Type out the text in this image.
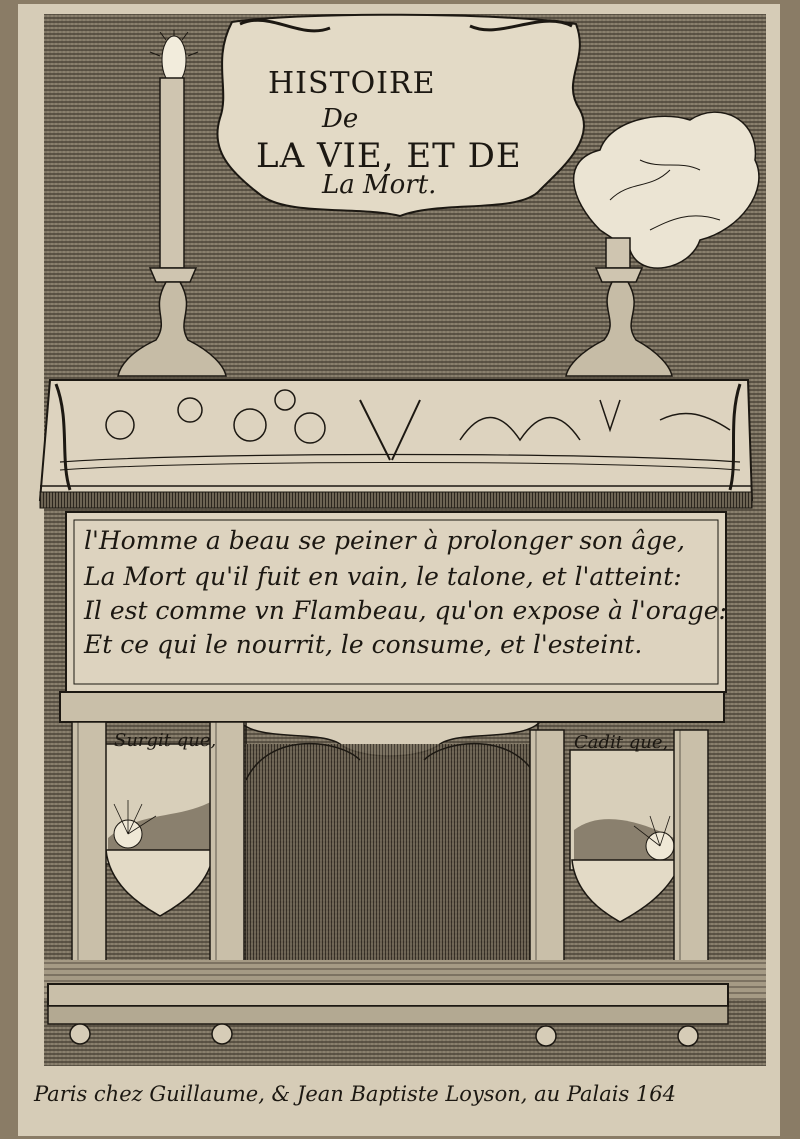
HISTOIRE
De
LA VIE, ET DE
La Mort.
l'Homme a beau se peiner à prolonger son âge,
La Mort qu'il fuit en vain, le talone, et l'atteint:
Il est comme vn Flambeau, qu'on expose à l'orage:
Et ce qui le nourrit, le consume, et l'esteint.
Surgit que,	Cadit que,
Paris chez Guillaume, & Jean Baptiste Loyson, au Palais 164
